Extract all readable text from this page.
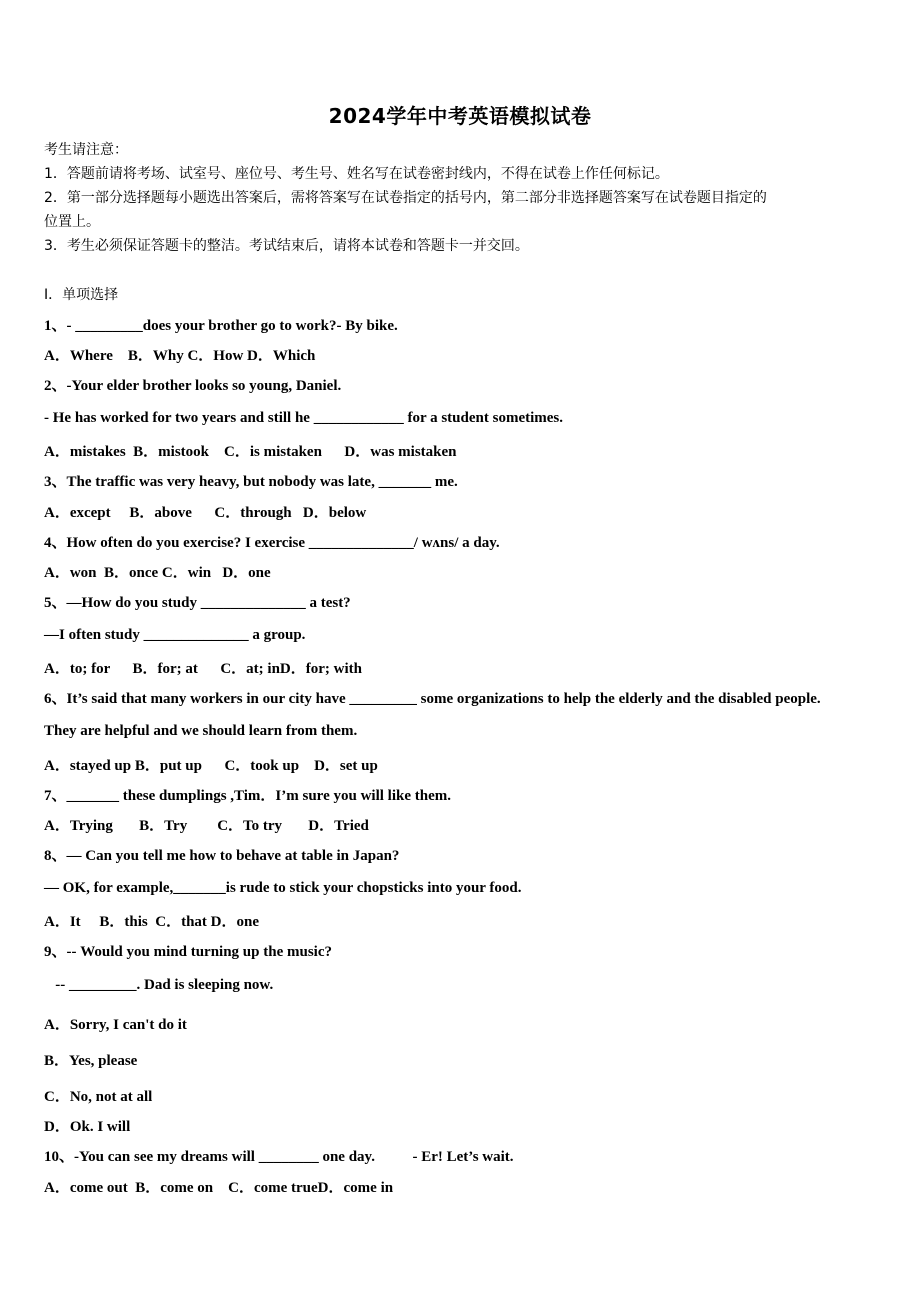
2024学年中考英语模拟试卷
考生请注意：
1．答题前请将考场、试室号、座位号、考生号、姓名写在试卷密封线内，不得在试卷上作任何标记。
2．第一部分选择题每小题选出答案后，需将答案写在试卷指定的括号内，第二部分非选择题答案写在试卷题目指定的
位置上。
3．考生必须保证答题卡的整洁。考试结束后，请将本试卷和答题卡一并交回。
Ⅰ．单项选择
1、- _________does your brother go to work?- By bike.
A．Where    B．Why C．How D．Which
2、-Your elder brother looks so young, Daniel.
- He has worked for two years and still he ____________ for a student sometimes.
A．mistakes  B．mistook    C．is mistaken      D．was mistaken
3、The traffic was very heavy, but nobody was late, _______ me.
A．except     B．above      C．through   D．below
4、How often do you exercise? I exercise ______________/ wʌns/ a day.
A．won  B．once C．win   D．one
5、—How do you study ______________ a test?
—I often study ______________ a group.
A．to; for      B．for; at      C．at; inD．for; with
6、It’s said that many workers in our city have _________ some organizations to help the elderly and the disabled people.
They are helpful and we should learn from them.
A．stayed up B．put up      C．took up    D．set up
7、_______ these dumplings ,Tim．I’m sure you will like them.
A．Trying       B．Try        C．To try       D．Tried
8、— Can you tell me how to behave at table in Japan?
— OK, for example,_______is rude to stick your chopsticks into your food.
A．It     B．this  C．that D．one
9、-- Would you mind turning up the music?
-- _________. Dad is sleeping now.
A．Sorry, I can't do it
B．Yes, please
C．No, not at all
D．Ok. I will
10、-You can see my dreams will ________ one day.          - Er! Let’s wait.
A．come out  B．come on    C．come trueD．come in
